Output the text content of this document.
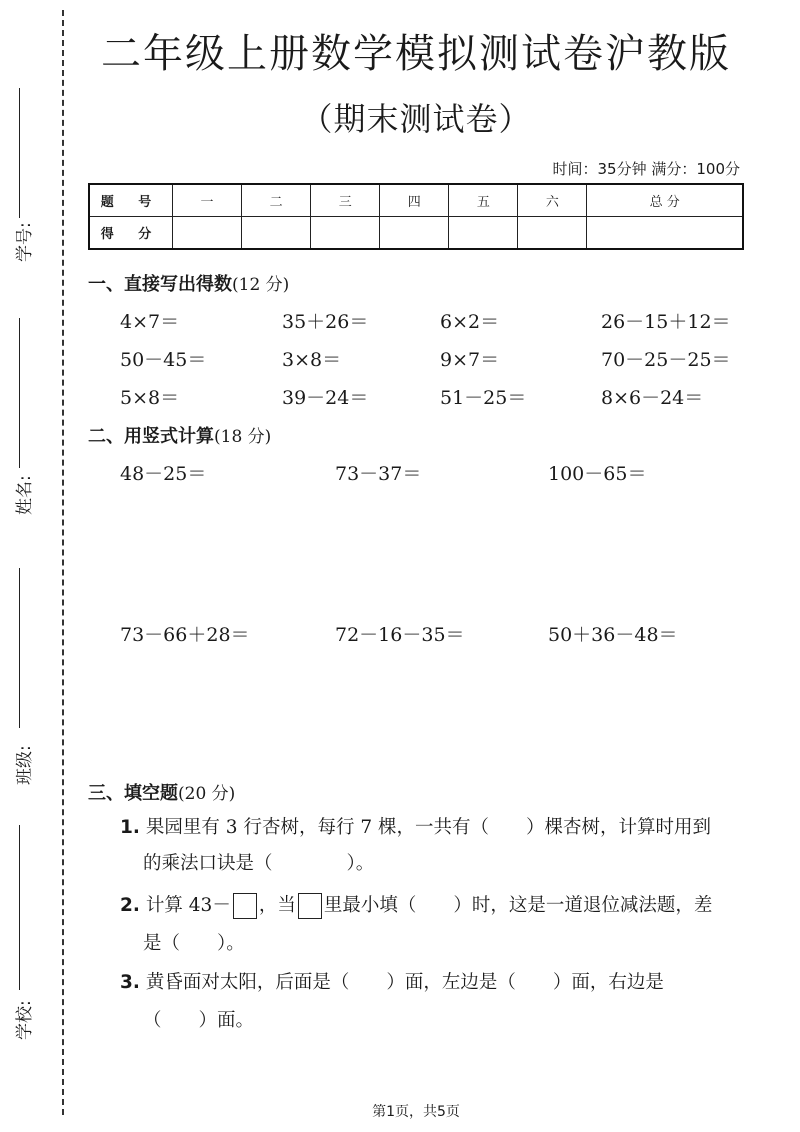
学号:
姓名:
班级:
学校:
二年级上册数学模拟测试卷沪教版
（期末测试卷）
时间：35分钟 满分：100分
题 号	一	二	三	四	五	六	总 分
得 分							
一、直接写出得数(12 分)
4×7＝	35＋26＝	6×2＝	26－15＋12＝
50－45＝	3×8＝	9×7＝	70－25－25＝
5×8＝	39－24＝	51－25＝	8×6－24＝
二、用竖式计算(18 分)
48－25＝	73－37＝	100－65＝
73－66＋28＝	72－16－35＝	50＋36－48＝
三、填空题(20 分)
1. 果园里有 3 行杏树，每行 7 棵，一共有（　　）棵杏树，计算时用到
的乘法口诀是（　　　　）。
2. 计算 43－ ，当 里最小填（　　）时，这是一道退位减法题，差
是（　　）。
3. 黄昏面对太阳，后面是（　　）面，左边是（　　）面，右边是
（　　）面。
第1页，共5页
